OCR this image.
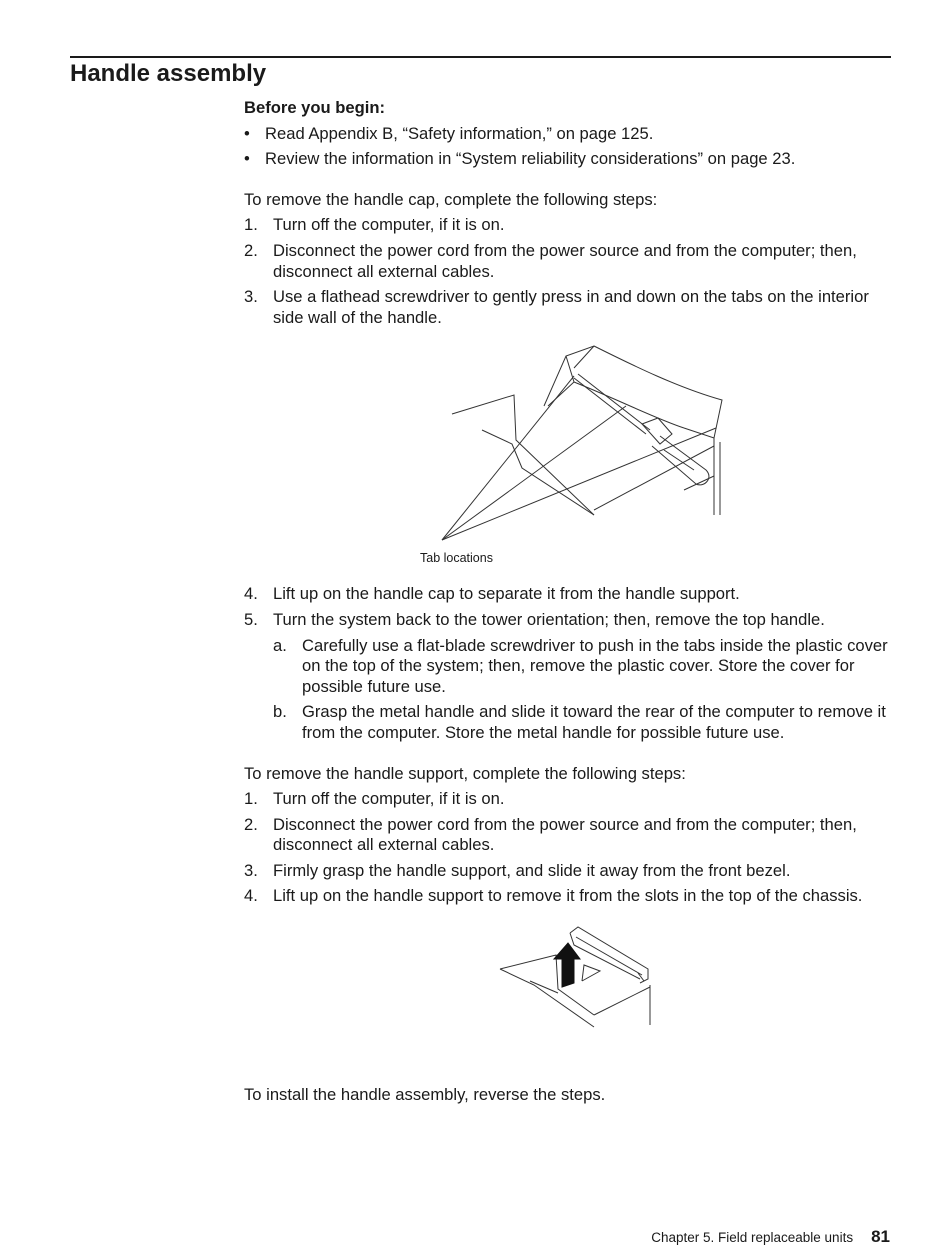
Handle assembly
Before you begin:
• Read Appendix B, “Safety information,” on page 125.
• Review the information in “System reliability considerations” on page 23.

To remove the handle cap, complete the following steps:

1. Turn off the computer, if it is on.
2. Disconnect the power cord from the power source and from the computer; then, disconnect all external cables.
3. Use a flathead screwdriver to gently press in and down on the tabs on the interior side wall of the handle.
Tab locations
4. Lift up on the handle cap to separate it from the handle support.
5. Turn the system back to the tower orientation; then, remove the top handle.
a. Carefully use a flat-blade screwdriver to push in the tabs inside the plastic cover on the top of the system; then, remove the plastic cover. Store the cover for possible future use.
b. Grasp the metal handle and slide it toward the rear of the computer to remove it from the computer. Store the metal handle for possible future use.

To remove the handle support, complete the following steps:

1. Turn off the computer, if it is on.
2. Disconnect the power cord from the power source and from the computer; then, disconnect all external cables.
3. Firmly grasp the handle support, and slide it away from the front bezel.
4. Lift up on the handle support to remove it from the slots in the top of the chassis.

To install the handle assembly, reverse the steps.

Chapter 5. Field replaceable units 81
